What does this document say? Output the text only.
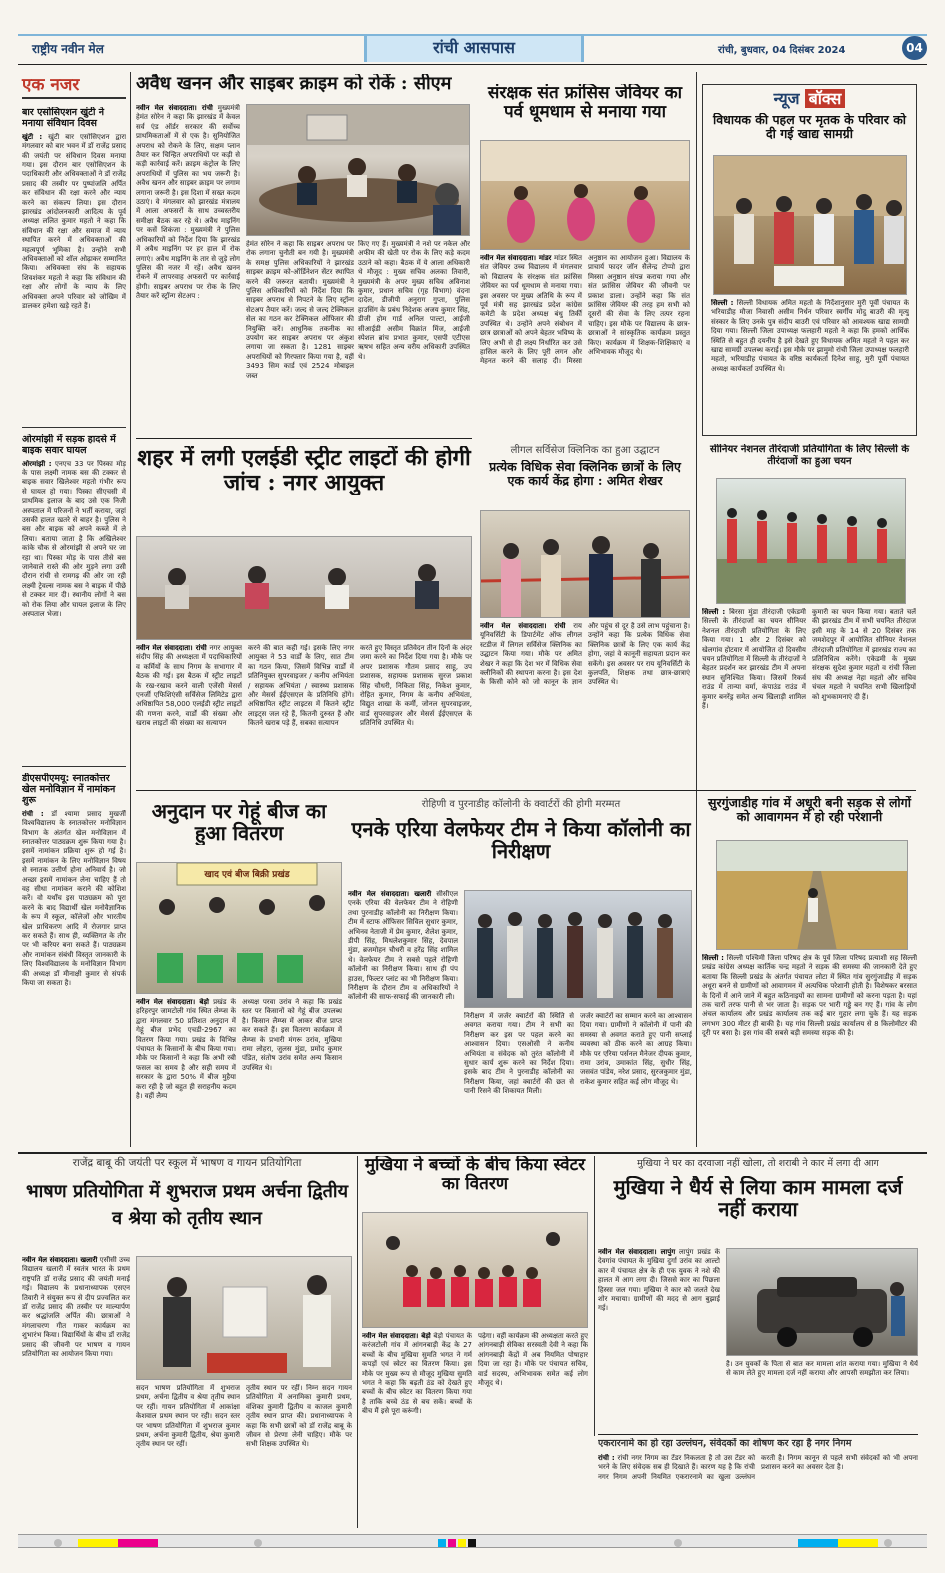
राष्ट्रीय नवीन मेल	रांची आसपास	रांची, बुधवार, 04 दिसंबर 2024	04
एक नजर
बार एसोसिएशन खुंटी ने मनाया संविधान दिवस
खुंटी : खुंटी बार एसोसिएशन द्वारा मंगलवार को बार भवन में डॉ राजेंद्र प्रसाद की जयंती पर संविधान दिवस मनाया गया। इस दौरान बार एसोसिएशन के पदाधिकारी और अधिवक्ताओं ने डॉ राजेंद्र प्रसाद की तस्वीर पर पुष्पांजलि अर्पित कर संविधान की रक्षा करने और न्याय करने का संकल्प लिया। इस दौरान झारखंड आंदोलनकारी आदित्य के पूर्व अध्यक्ष ललित कुमार महतो ने कहा कि संविधान की रक्षा और समाज में न्याय स्थापित करने में अधिवक्ताओं की महत्वपूर्ण भूमिका है। उन्होंने सभी अधिवक्ताओं को शॉल ओढ़ाकर सम्मानित किया। अधिवक्ता संघ के सहायक शिवशंकर महतो ने कहा कि संविधान की रक्षा और लोगों के न्याय के लिए अधिवक्ता अपने परिवार को जोखिम में डालकर हमेशा खड़े रहते हैं।
ओरमांझी में सड़क हादसे में बाइक सवार घायल
ओरमांझी : एनएच 33 पर पिस्का मोड़ के पास लक्ष्मी नामक बस की टक्कर से बाइक सवार खिलेश्वर महतो गंभीर रूप से घायल हो गया। पिस्का सीएचसी में प्राथमिक इलाज के बाद उसे एक निजी अस्पताल में परिजनों ने भर्ती कराया, जहां उसकी हालत खतरे से बाहर है। पुलिस ने बस और बाइक को अपने कब्जे में ले लिया। बताया जाता है कि अखिलेश्वर कांके चौक से ओरमांझी से अपने घर जा रहा था। पिस्का मोड़ के पास तीसे बस जानेवाले रास्ते की ओर मुड़ने लगा उसी दौरान रांची से रामगढ़ की ओर जा रही लक्ष्मी ट्रेवल्स नामक बस ने बाइक में पीछे से टक्कर मार दी। स्थानीय लोगों ने बस को रोक लिया और घायल इलाज के लिए अस्पताल भेजा।
डीएसपीएमयू: स्नातकोत्तर खेल मनोविज्ञान में नामांकन शुरू
रांची : डॉ श्यामा प्रसाद मुखर्जी विश्वविद्यालय के स्नातकोत्तर मनोविज्ञान विभाग के अंतर्गत खेल मनोविज्ञान में स्नातकोत्तर पाठ्यक्रम शुरू किया गया है। इसमें नामांकन प्रक्रिया शुरू हो गई है। इसमें नामांकन के लिए मनोविज्ञान विषय से स्नातक उत्तीर्ण होना अनिवार्य है। जो अच्छा इसमें नामांकन लेना चाहिए हैं तो वह सीधा नामांकन कराने की कोशिश करें। वो यथाँच इस पाठ्यक्रम को पूरा करने के बाद विद्यार्थी खेल मनोवैज्ञानिक के रूप में स्कूल, कॉलेजों और भारतीय खेल प्राधिकरण आदि में रोजगार प्राप्त कर सकते हैं। साथ ही, व्यक्तिगत के तौर पर भी करियर बना सकते हैं। पाठ्यक्रम और नामांकन संबंधी विस्तृत जानकारी के लिए विश्वविद्यालय के मनोविज्ञान विभाग की अध्यक्ष डॉ मीनाक्षी कुमार से संपर्क किया जा सकता है।
अवैध खनन और साइबर क्राइम को रोकें : सीएम
नवीन मेल संवाददाता। रांची मुख्यमंत्री हेमंत सोरेन ने कहा कि झारखंड में केवल सर्व एंड ऑर्डर सरकार की सर्वोच्च प्राथमिकताओं में से एक है। सुनियोजित अपराध को रोकने के लिए, सक्षम प्लान तैयार कर चिन्हित अपराधियों पर कड़ी से कड़ी कार्रवाई करें। क्राइम कंट्रोल के लिए अपराधियों में पुलिस का भय जरूरी है। अवैध खनन और साइबर क्राइम पर लगाम लगाना जरूरी है। इस दिशा में सख्त कदम उठाएं। वे मंगलवार को झारखंड मंत्रालय में आला अफसरों के साथ उच्चस्तरीय समीक्षा बैठक कर रहे थे। अवैध माइनिंग पर कसें शिकंजा : मुख्यमंत्री ने पुलिस अधिकारियों को निर्देश दिया कि झारखंड में अवैध माइनिंग पर हर हाल में रोक लगाएं। अवैध माइनिंग के तार से जुड़े लोग पुलिस की नजर में रहें। अवैध खनन रोकने में लापरवाह अफसरों पर कार्रवाई होगी। साइबर अपराध पर रोक के लिए तैयार करें स्ट्रॉन्ग सेटअप :
हेमंत सोरेन ने कहा कि साइबर अपराध पर रोक लगाना चुनौती बन गयी है। मुख्यमंत्री के समक्ष पुलिस अधिकारियों ने झारखंड साइबर क्राइम को-ऑर्डिनेशन सेंटर स्थापित करने की जरूरत बतायी। मुख्यमंत्री ने पुलिस अधिकारियों को निर्देश दिया कि साइबर अपराध से निपटने के लिए स्ट्रॉन्ग सेटअप तैयार करें। जल्द से जल्द टेक्निकल सेल का गठन कर टेक्निकल ऑफिसर की नियुक्ति करें। आधुनिक तकनीक का उपयोग कर साइबर अपराध पर अंकुश लगाया जा सकता है। 1281 साइबर अपराधियों को गिरफ्तार किया गया है, वहीं 3493 सिम कार्ड एवं 2524 मोबाइल जब्त
किए गए हैं। मुख्यमंत्री ने नशे पर नकेल और अफीम की खेती पर रोक के लिए कड़े कदम उठाने को कहा। बैठक में ये आला अधिकारी थे मौजूद : मुख्य सचिव अलका तिवारी, मुख्यमंत्री के अपर मुख्य सचिव अविनाश कुमार, प्रधान सचिव (गृह विभाग) वंदना दादेल, डीजीपी अनुराग गुप्ता, पुलिस हाउसिंग के प्रबंध निदेशक अजय कुमार सिंह, डीजी होम गार्ड अनिल पाल्टा, आईजी सीआईडी असीम विक्रांत मिंज, आईजी स्पेशल ब्रांच प्रभात कुमार, एसपी एटीएस ऋषभ सहित अन्य वरीय अधिकारी उपस्थित थे।
संरक्षक संत फ्रांसिस जेवियर का पर्व धूमधाम से मनाया गया
नवीन मेल संवाददाता। मांडर मांडर स्थित संत जेवियर उच्च विद्यालय में मंगलवार को विद्यालय के संरक्षक संत फ्रांसिस जेवियर का पर्व धूमधाम से मनाया गया। इस अवसर पर मुख्य अतिथि के रूप में पूर्व मंत्री सह झारखंड प्रदेश कांग्रेस कमेटी के प्रदेश अध्यक्ष बंधु तिर्की उपस्थित थे। उन्होंने अपने संबोधन में छात्र छात्राओं को अपने बेहतर भविष्य के लिए अभी से ही लक्ष्य निर्धारित कर उसे हासिल करने के लिए पूरी लगन और मेहनत करने की सलाह दी। मिस्सा अनुष्ठान का आयोजन हुआ। विद्यालय के प्राचार्य फादर जॉन सैलेन्द्र टोप्पो द्वारा मिस्सा अनुष्ठान संपन्न कराया गया और संत फ्रांसिस जेवियर की जीवनी पर प्रकाश डाला। उन्होंने कहा कि संत फ्रांसिस जेवियर की तरह हम सभी को दूसरों की सेवा के लिए तत्पर रहना चाहिए। इस मौके पर विद्यालय के छात्र-छात्राओं ने सांस्कृतिक कार्यक्रम प्रस्तुत किए। कार्यक्रम में शिक्षक-शिक्षिकाएं व अभिभावक मौजूद थे।
न्यूज बॉक्स
विधायक की पहल पर मृतक के परिवार को दी गई खाद्य सामग्री
सिल्ली : सिल्ली विधायक अमित महतो के निर्देशानुसार मुरी पूर्वी पंचायत के भरियाडीह मौजा निवासी असीम निर्धन परिवार स्वर्गीय मोदु बाउरी की मृत्यु संस्कार के लिए उनके पुत्र संदीप बाउरी एवं परिवार को आवश्यक खाद्य सामग्री दिया गया। सिल्ली जिला उपाध्यक्ष फलहारी महतो ने कहा कि हमको आर्थिक स्थिति से बहुत ही दयनीय है इसे देखते हुए विधायक अमित महतो ने पहल कर खाद्य सामग्री उपलब्ध कराई। इस मौके पर झामुमो रांची जिला उपाध्यक्ष फलहारी महतो, भरियाडीह पंचायत के वरिष्ठ कार्यकर्ता दिनेश साहू, मुरी पूर्वी पंचायत अध्यक्ष कार्यकर्ता उपस्थित थे।
शहर में लगी एलईडी स्ट्रीट लाइटों की होगी जांच : नगर आयुक्त
नवीन मेल संवाददाता। रांची नगर आयुक्त संदीप सिंह की अध्यक्षता में पदाधिकारियों व कर्मियों के साथ निगम के सभागार में बैठक की गई। इस बैठक में स्ट्रीट लाइटों के रख-रखाव करने वाली एजेंसी मेसर्स एनर्जी एफिशिएंसी सर्विसेज लिमिटेड द्वारा अधिष्ठापित 58,000 एलईडी स्ट्रीट लाइटों की गणना करने, वार्डों की संख्या और खराब लाइटों की संख्या का सत्यापन
करने की बात कही गई। इसके लिए नगर आयुक्त ने 53 वार्डों के लिए, सात टीम का गठन किया, जिसमें विभिन्न वार्डों में प्रतिनियुक्त सुपरवाइजर / कनीय अभियंता / सहायक अभियंता / स्वास्थ्य प्रशासक और मेसर्स ईईएसएल के प्रतिनिधि होंगे। अधिष्ठापित स्ट्रीट लाइटस में कितने स्ट्रीट लाइट्स जल रहे हैं, कितनी दुरुस्त हैं और कितने खराब पड़े हैं, सबका सत्यापन
करते हुए विस्तृत प्रतिवेदन तीन दिनों के अंदर जमा करने का निर्देश दिया गया है। मौके पर अपर प्रशासक गौतम प्रसाद साहू, उप प्रशासक, सहायक प्रशासक सुरज प्रकाश सिंह चौधरी, निकिता सिंह, निकेश कुमार, रोहित कुमार, निगम के कनीय अभियंता, विद्युत शाखा के कर्मी, जोनल सुपरवाइजर, वार्ड सुपरवाइजर और मेसर्स ईईएसएल के प्रतिनिधि उपस्थित थे।
लीगल सर्विसेज क्लिनिक का हुआ उद्घाटन
प्रत्येक विधिक सेवा क्लिनिक छात्रों के लिए एक कार्य केंद्र होगा : अमित शेखर
नवीन मेल संवाददाता। रांची राय यूनिवर्सिटी के डिपार्टमेंट ऑफ लीगल स्टडीज में लिगल सर्विसेज क्लिनिक का उद्घाटन किया गया। मौके पर अमित शेखर ने कहा कि देश भर में विधिक सेवा क्लीनिकों की स्थापना करना है। इस देश के किसी कोने को जो कानून के ज्ञान और पहुंच से दूर है उसे लाभ पहुंचाना है। उन्होंने कहा कि प्रत्येक विधिक सेवा क्लिनिक छात्रों के लिए एक कार्य केंद्र होगा, जहां वे कानूनी सहायता प्रदान कर सकेंगे। इस अवसर पर राय यूनिवर्सिटी के कुलपति, शिक्षक तथा छात्र-छात्राएं उपस्थित थे।
सीनियर नेशनल तीरंदाजी प्रतियोगिता के लिए सिल्ली के तीरंदाजों का हुआ चयन
सिल्ली : बिरसा मुंडा तीरंदाजी एकेडमी सिल्ली के तीरंदाजों का चयन सीनियर नेशनल तीरंदाजी प्रतियोगिता के लिए किया गया। 1 और 2 दिसंबर को खेलगांव होटवार में आयोजित दो दिवसीय चयन प्रतियोगिता में सिल्ली के तीरंदाजों ने बेहतर प्रदर्शन कर झारखंड टीम में अपना स्थान सुनिश्चित किया। जिसमें रिकर्व राउंड में तान्या वर्मा, कंपाउंड राउंड में कुमार बनरेंड्र समेत अन्य खिलाड़ी शामिल हैं।
कुमारी का चयन किया गया। बताते चलें की झारखंड टीम में सभी चयनित तीरंदाज इसी माह के 14 से 20 दिसंबर तक जमशेदपुर में आयोजित सीनियर नेशनल तीरंदाजी प्रतियोगिता में झारखंड राज्य का प्रतिनिधित्व करेंगे। एकेडमी के मुख्य संरक्षक सुदेश कुमार महतो व रांची जिला संघ की अध्यक्ष नेहा महतो और सचिव चंचल महतो ने चयनित सभी खिलाड़ियों को शुभकामनाएं दी हैं।
अनुदान पर गेहूं बीज का हुआ वितरण
खाद एवं बीज बिक्री प्रखंड
नवीन मेल संवाददाता। बेड़ो प्रखंड के हरिहरपुर जामटोली गांव स्थित लेम्प्स के द्वारा मंगलवार 50 प्रतिशत अनुदान में गेहूं बीज प्रभेद एचडी-2967 का वितरण किया गया। प्रखंड के विभिन्न पंचायत के किसानों के बीच किया गया। मौके पर किसानों ने कहा कि अभी रबी फसल का समय है और सही समय में सरकार के द्वारा 50% में बीज मुहैया करा रही है जो बहुत ही सराहनीय कदम है। वहीं लैम्प
अध्यक्ष परवा उरांव ने कहा कि प्रखंड स्तर पर किसानों को गेहूं बीज उपलब्ध है। किसान लैम्प्स में आकर बीज प्राप्त कर सकते हैं। इस वितरण कार्यक्रम में लैम्प्स के प्रभारी मंगरू उरांव, मुखिया रामा लोहरा, जुलस मुंडा, प्रमोद कुमार पंडित, संतोष उरांव समेत अन्य किसान उपस्थित थे।
रोहिणी व पुरनाडीह कॉलोनी के क्वार्टरों की होगी मरम्मत
एनके एरिया वेलफेयर टीम ने किया कॉलोनी का निरीक्षण
नवीन मेल संवाददाता। खलारी सीसीएल एनके एरिया की वेलफेयर टीम ने रोहिणी तथा पुरनाडीह कॉलोनी का निरीक्षण किया। टीम में स्टाफ ऑफिसर सिविल सुधार कुमार, अभिनव नेताजी में प्रेम कुमार, शैलेश कुमार, डीपी सिंह, मिथलेशकुमार सिंह, देवपाल मुंडा, ब्रजमोहन चौधरी व हरेंद्र सिंह शामिल थे। वेलफेयर टीम ने सबसे पहले रोहिणी कॉलोनी का निरीक्षण किया। साथ ही पंप हाउस, फिल्टर प्लांट का भी निरीक्षण किया। निरीक्षण के दौरान टीम व अधिकारियों ने कॉलोनी की साफ-सफाई की जानकारी ली।
निरीक्षण में जर्जर क्वार्टरों की स्थिति से अवगत कराया गया। टीम ने सभी का निरीक्षण कर इस पर पहल करने का आश्वासन दिया। एसओसी ने कनीय अभियंता व संवेदक को तुरंत कॉलोनी में सुधार कार्य शुरू करने का निर्देश दिया। इसके बाद टीम ने पुरनाडीह कॉलोनी का निरीक्षण किया, जहां क्वार्टरों की छत से पानी रिसने की शिकायत मिली।
जर्जर क्वार्टरों का सम्मान करने का आश्वासन दिया गया। ग्रामीणों ने कॉलोनी में पानी की समस्या से अवगत कराते हुए पानी सप्लाई व्यवस्था को ठीक करने का आग्रह किया। मौके पर एरिया पर्सनल मैनेजर दीपक कुमार, रामा उरांव, उमाकांत सिंह, सुधीर सिंह, जसवंत पांडेय, नरेश प्रसाद, सुरजकुमार मुंडा, राकेश कुमार सहित कई लोग मौजूद थे।
सुरगुंजाडीह गांव में अधूरी बनी सड़क से लोगों को आवागमन में हो रही परेशानी
सिल्ली : सिल्ली पश्चिमी जिला परिषद क्षेत्र के पूर्व जिला परिषद प्रत्याशी सह सिल्ली प्रखंड कांग्रेस अध्यक्ष कार्तिक चन्द्र महतो ने सड़क की समस्या की जानकारी देते हुए बताया कि सिल्ली प्रखंड के अंतर्गत पंचायत लोटा में स्थित गांव सुरगुंजाडीह में सड़क अधूरा बनने से ग्रामीणों को आवागमन में अत्यधिक परेशानी होती है। विशेषकर बरसात के दिनों में आने जाने में बहुत कठिनाइयों का सामना ग्रामीणों को करना पड़ता है। यहां तक चारों तरफ पानी से भर जाता है। सड़क पर भारी गड्ढे बन गए हैं। गांव के लोग अंचल कार्यालय और प्रखंड कार्यालय तक कई बार गुहार लगा चुके हैं। यह सड़क लगभग 300 मीटर ही बाकी है। यह गांव सिल्ली प्रखंड कार्यालय से 8 किलोमीटर की दूरी पर बसा है। इस गांव की सबसे बड़ी समस्या सड़क की है।
राजेंद्र बाबू की जयंती पर स्कूल में भाषण व गायन प्रतियोगिता
भाषण प्रतियोगिता में शुभराज प्रथम अर्चना द्वितीय व श्रेया को तृतीय स्थान
नवीन मेल संवाददाता। खलारी एसीसी उच्च विद्यालय खलारी में स्वतंत्र भारत के प्रथम राष्ट्रपति डॉ राजेंद्र प्रसाद की जयंती मनाई गई। विद्यालय के प्रधानाध्यापक एसएन तिवारी ने संयुक्त रूप से दीप प्रज्वलित कर डॉ राजेंद्र प्रसाद की तस्वीर पर माल्यार्पण कर श्रद्धांजलि अर्पित की। छात्राओं ने मंगलाचरण गीत गाकर कार्यक्रम का शुभारंभ किया। विद्यार्थियों के बीच डॉ राजेंद्र प्रसाद की जीवनी पर भाषण व गायन प्रतियोगिता का आयोजन किया गया।
सदन भाषण प्रतियोगिता में शुभराज प्रथम, अर्चना द्वितीय व श्रेया तृतीय स्थान पर रहीं। गायन प्रतियोगिता में आकांक्षा केशवाल प्रथम स्थान पर रही। सदन स्तर पर भाषण प्रतियोगिता में शुभराज कुमार प्रथम, अर्चना कुमारी द्वितीय, श्रेया कुमारी तृतीय स्थान पर रहीं।
तृतीय स्थान पर रहीं। निम्न सदन गायन प्रतियोगिता में अनामिका कुमारी प्रथम, वंशिका कुमारी द्वितीय व काजल कुमारी तृतीय स्थान प्राप्त की। प्रधानाध्यापक ने कहा कि सभी छात्रों को डॉ राजेंद्र बाबू के जीवन से प्रेरणा लेनी चाहिए। मौके पर सभी शिक्षक उपस्थित थे।
मुखिया ने बच्चों के बीच किया स्वेटर का वितरण
नवीन मेल संवाददाता। बेड़ो बेड़ो पंचायत के करंजटोली गांव में आंगनबाड़ी केंद्र के 27 बच्चों के बीच मुखिया सुमति भगत ने गर्म कपड़ों एवं स्वेटर का वितरण किया। इस मौके पर मुख्य रूप से मौजूद मुखिया सुमति भगत ने कहा कि बढ़ती ठंड को देखते हुए बच्चों के बीच स्वेटर का वितरण किया गया है ताकि बच्चे ठंड से बच सकें। बच्चों के बीच मैं इसे पूरा करूंगी।
पढ़ेगा। वहीं कार्यक्रम की अध्यक्षता करते हुए आंगनबाड़ी सेविका सरस्वती देवी ने कहा कि आंगनबाड़ी केंद्रों में अब नियमित पोषाहार दिया जा रहा है। मौके पर पंचायत सचिव, वार्ड सदस्य, अभिभावक समेत कई लोग मौजूद थे।
मुखिया ने घर का दरवाजा नहीं खोला, तो शराबी ने कार में लगा दी आग
मुखिया ने धैर्य से लिया काम मामला दर्ज नहीं कराया
नवीन मेल संवाददाता। लापुंग लापुंग प्रखंड के देवगांव पंचायत के मुखिया दुर्गा उरांव का आल्टो कार में पंचायत क्षेत्र के ही एक युवक ने नशे की हालत में आग लगा दी। जिससे कार का पिछला हिस्सा जल गया। मुखिया ने कार को जलते देख शोर मचाया। ग्रामीणों की मदद से आग बुझाई गई।
है। उन युवकों के पिता से बात कर मामला शांत कराया गया। मुखिया ने धैर्य से काम लेते हुए मामला दर्ज नहीं कराया और आपसी समझौता कर लिया।
एकरारनामे का हो रहा उल्लंघन, संवेदकों का शोषण कर रहा है नगर निगम
रांची : रांची नगर निगम का टेंडर निकलता है तो उस टेंडर को भरने के लिए संवेदक सब ही दिखाते हैं। कारण यह है कि रांची नगर निगम अपनी नियमित एकरारनामे का खुला उल्लंघन करती है। निगम कानून से पहले सभी संवेदकों को भी अपना प्रशासन करने का अवसर देता है।
